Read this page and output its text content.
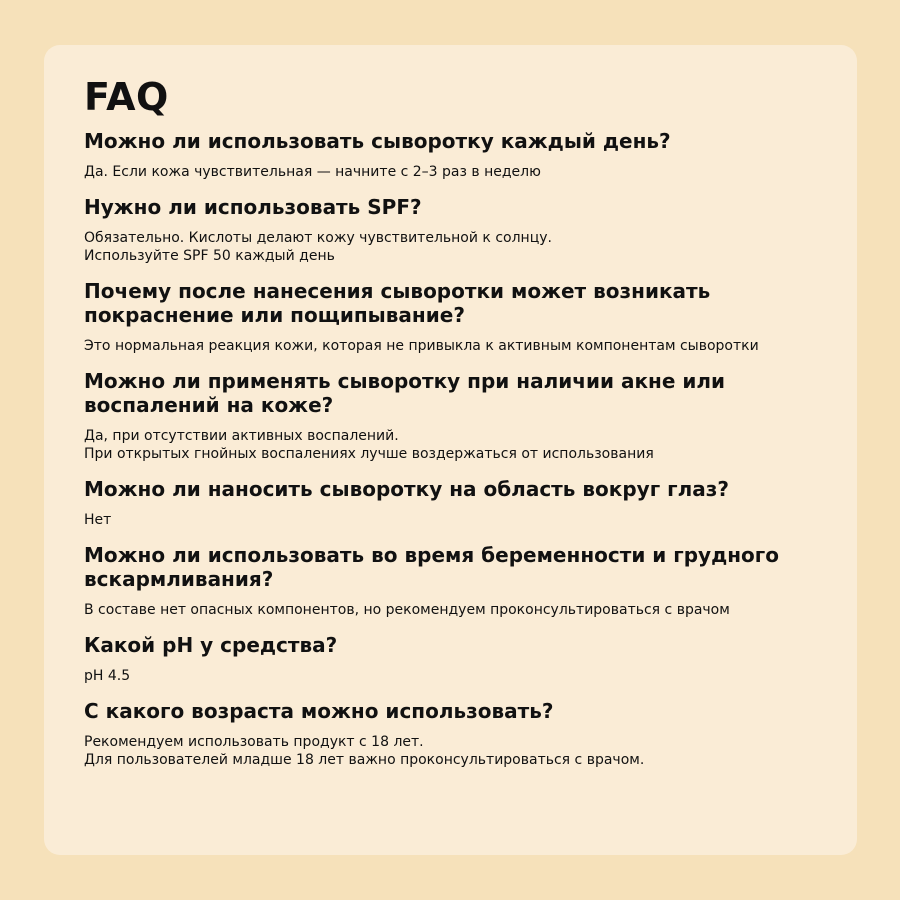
FAQ
Можно ли использовать сыворотку каждый день?
Да. Если кожа чувствительная — начните с 2–3 раз в неделю
Нужно ли использовать SPF?
Обязательно. Кислоты делают кожу чувствительной к солнцу.
Используйте SPF 50 каждый день
Почему после нанесения сыворотки может возникать покраснение или пощипывание?
Это нормальная реакция кожи, которая не привыкла к активным компонентам сыворотки
Можно ли применять сыворотку при наличии акне или воспалений на коже?
Да, при отсутствии активных воспалений.
При открытых гнойных воспалениях лучше воздержаться от использования
Можно ли наносить сыворотку на область вокруг глаз?
Нет
Можно ли использовать во время беременности и грудного вскармливания?
В составе нет опасных компонентов, но рекомендуем проконсультироваться с врачом
Какой pH у средства?
pH 4.5
С какого возраста можно использовать?
Рекомендуем использовать продукт с 18 лет.
Для пользователей младше 18 лет важно проконсультироваться с врачом.
